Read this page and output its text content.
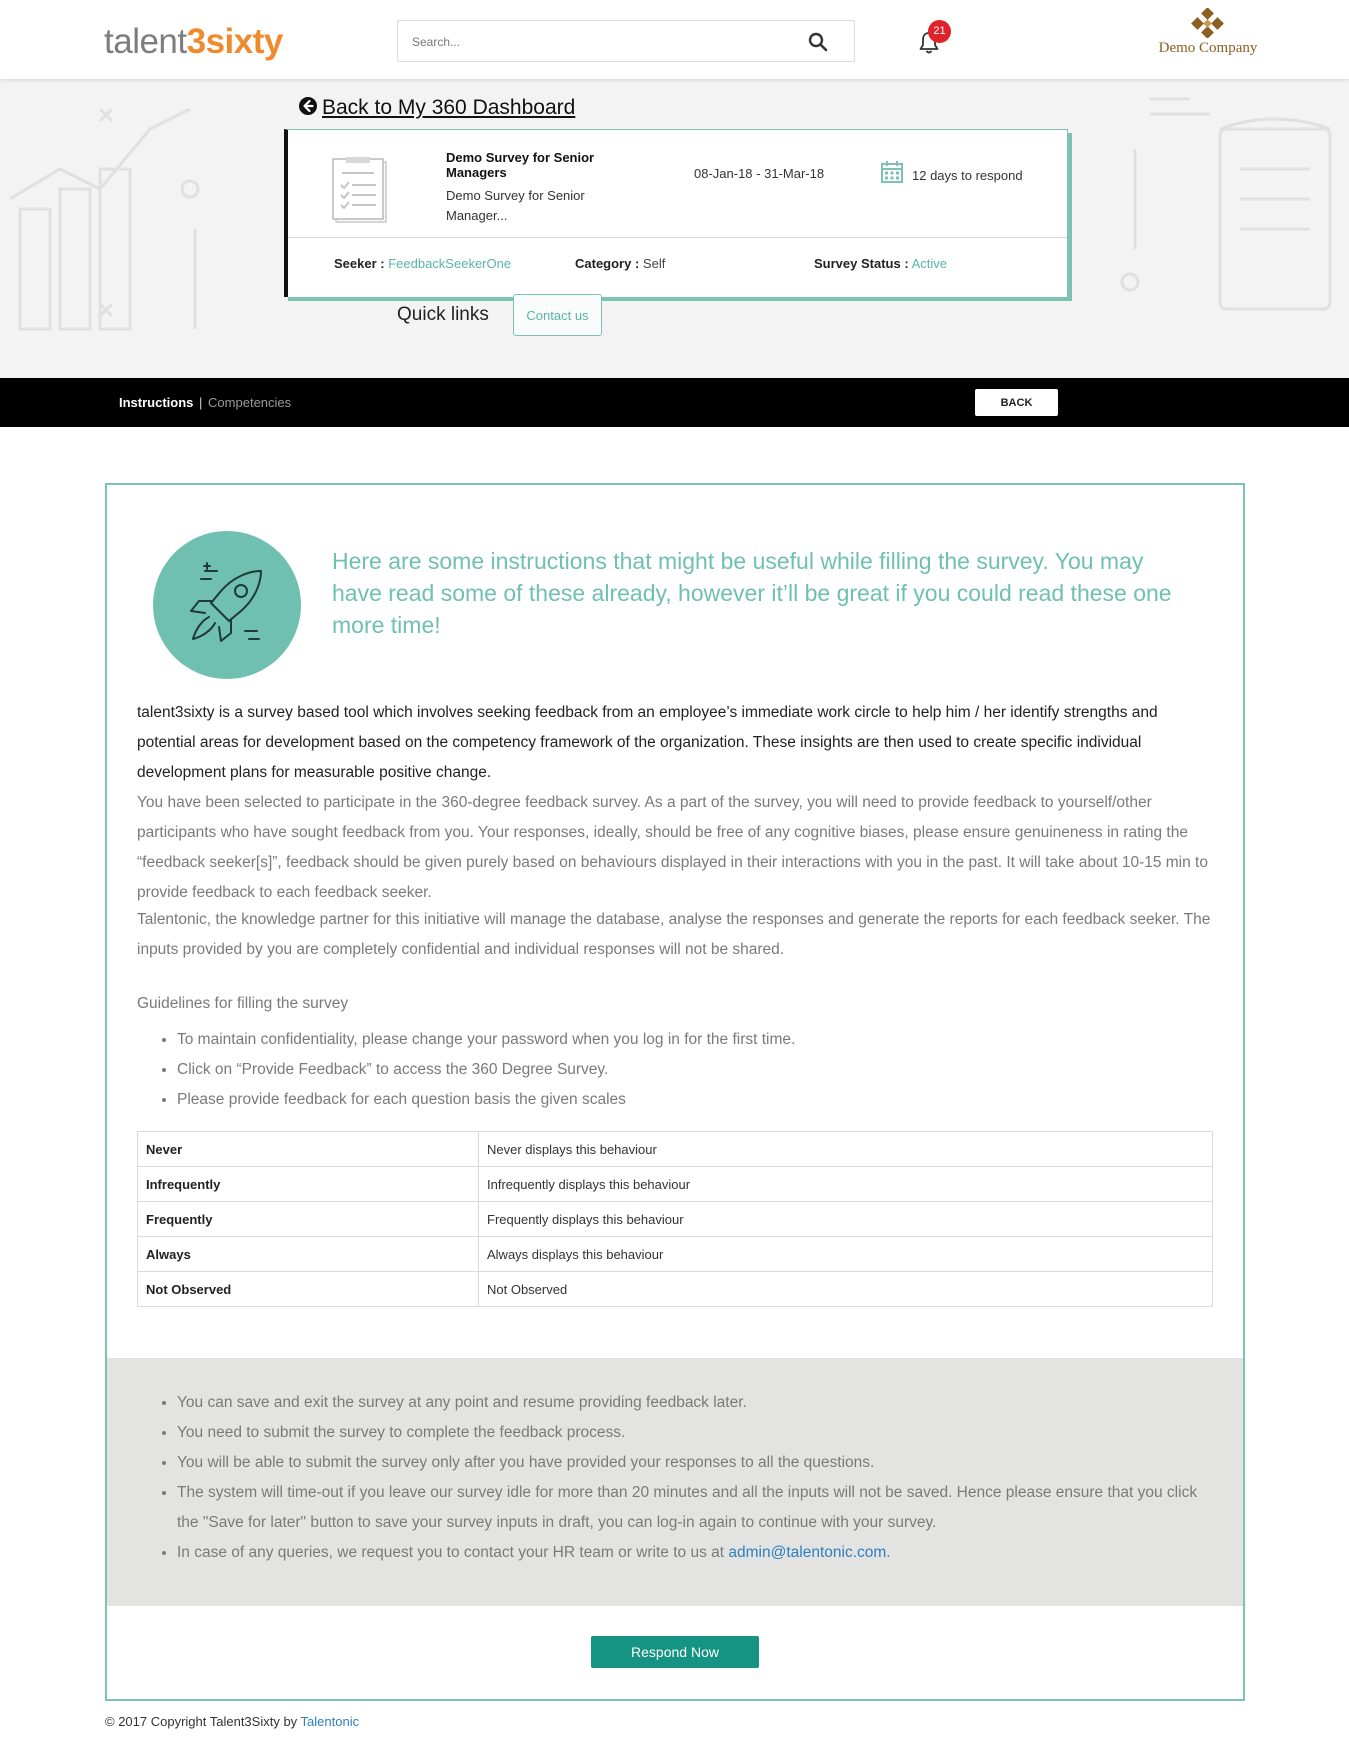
talent3sixty
Search...	21
Demo Company
Back to My 360 Dashboard
Demo Survey for Senior Managers
Demo Survey for Senior Manager...
08-Jan-18 - 31-Mar-18	12 days to respond
Seeker : FeedbackSeekerOne	Category : Self	Survey Status : Active
Quick links	Contact us
Instructions | Competencies	BACK
Here are some instructions that might be useful while filling the survey. You may have read some of these already, however it’ll be great if you could read these one more time!

talent3sixty is a survey based tool which involves seeking feedback from an employee’s immediate work circle to help him / her identify strengths and potential areas for development based on the competency framework of the organization. These insights are then used to create specific individual development plans for measurable positive change.

You have been selected to participate in the 360-degree feedback survey. As a part of the survey, you will need to provide feedback to yourself/other participants who have sought feedback from you. Your responses, ideally, should be free of any cognitive biases, please ensure genuineness in rating the “feedback seeker[s]”, feedback should be given purely based on behaviours displayed in their interactions with you in the past. It will take about 10-15 min to provide feedback to each feedback seeker.

Talentonic, the knowledge partner for this initiative will manage the database, analyse the responses and generate the reports for each feedback seeker. The inputs provided by you are completely confidential and individual responses will not be shared.

Guidelines for filling the survey
• To maintain confidentiality, please change your password when you log in for the first time.
• Click on “Provide Feedback” to access the 360 Degree Survey.
• Please provide feedback for each question basis the given scales
Never	Never displays this behaviour
Infrequently	Infrequently displays this behaviour
Frequently	Frequently displays this behaviour
Always	Always displays this behaviour
Not Observed	Not Observed
• You can save and exit the survey at any point and resume providing feedback later.
• You need to submit the survey to complete the feedback process.
• You will be able to submit the survey only after you have provided your responses to all the questions.
• The system will time-out if you leave our survey idle for more than 20 minutes and all the inputs will not be saved. Hence please ensure that you click the "Save for later" button to save your survey inputs in draft, you can log-in again to continue with your survey.
• In case of any queries, we request you to contact your HR team or write to us at admin@talentonic.com.
Respond Now
© 2017 Copyright Talent3Sixty by Talentonic
